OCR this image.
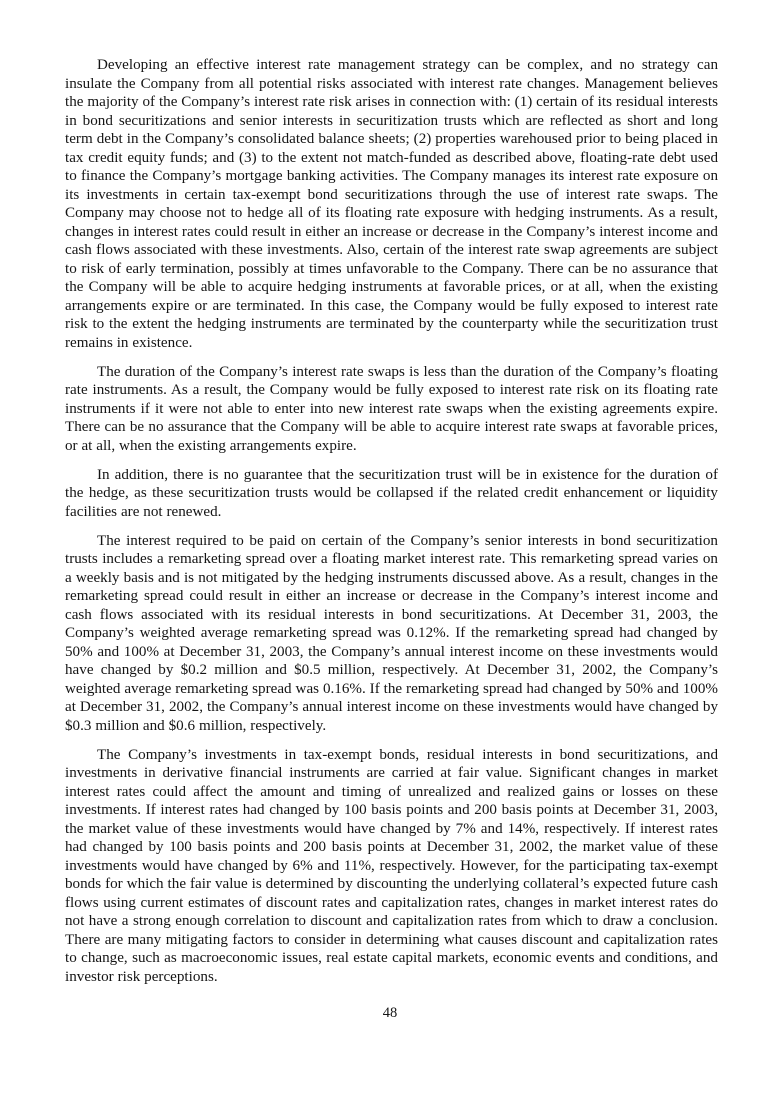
Developing an effective interest rate management strategy can be complex, and no strategy can insulate the Company from all potential risks associated with interest rate changes. Management believes the majority of the Company’s interest rate risk arises in connection with: (1) certain of its residual interests in bond securitizations and senior interests in securitization trusts which are reflected as short and long term debt in the Company’s consolidated balance sheets; (2) properties warehoused prior to being placed in tax credit equity funds; and (3) to the extent not match-funded as described above, floating-rate debt used to finance the Company’s mortgage banking activities. The Company manages its interest rate exposure on its investments in certain tax-exempt bond securitizations through the use of interest rate swaps. The Company may choose not to hedge all of its floating rate exposure with hedging instruments. As a result, changes in interest rates could result in either an increase or decrease in the Company’s interest income and cash flows associated with these investments. Also, certain of the interest rate swap agreements are subject to risk of early termination, possibly at times unfavorable to the Company. There can be no assurance that the Company will be able to acquire hedging instruments at favorable prices, or at all, when the existing arrangements expire or are terminated. In this case, the Company would be fully exposed to interest rate risk to the extent the hedging instruments are terminated by the counterparty while the securitization trust remains in existence.

The duration of the Company’s interest rate swaps is less than the duration of the Company’s floating rate instruments. As a result, the Company would be fully exposed to interest rate risk on its floating rate instruments if it were not able to enter into new interest rate swaps when the existing agreements expire. There can be no assurance that the Company will be able to acquire interest rate swaps at favorable prices, or at all, when the existing arrangements expire.

In addition, there is no guarantee that the securitization trust will be in existence for the duration of the hedge, as these securitization trusts would be collapsed if the related credit enhancement or liquidity facilities are not renewed.

The interest required to be paid on certain of the Company’s senior interests in bond securitization trusts includes a remarketing spread over a floating market interest rate. This remarketing spread varies on a weekly basis and is not mitigated by the hedging instruments discussed above. As a result, changes in the remarketing spread could result in either an increase or decrease in the Company’s interest income and cash flows associated with its residual interests in bond securitizations. At December 31, 2003, the Company’s weighted average remarketing spread was 0.12%. If the remarketing spread had changed by 50% and 100% at December 31, 2003, the Company’s annual interest income on these investments would have changed by $0.2 million and $0.5 million, respectively. At December 31, 2002, the Company’s weighted average remarketing spread was 0.16%. If the remarketing spread had changed by 50% and 100% at December 31, 2002, the Company’s annual interest income on these investments would have changed by $0.3 million and $0.6 million, respectively.

The Company’s investments in tax-exempt bonds, residual interests in bond securitizations, and investments in derivative financial instruments are carried at fair value. Significant changes in market interest rates could affect the amount and timing of unrealized and realized gains or losses on these investments. If interest rates had changed by 100 basis points and 200 basis points at December 31, 2003, the market value of these investments would have changed by 7% and 14%, respectively. If interest rates had changed by 100 basis points and 200 basis points at December 31, 2002, the market value of these investments would have changed by 6% and 11%, respectively. However, for the participating tax-exempt bonds for which the fair value is determined by discounting the underlying collateral’s expected future cash flows using current estimates of discount rates and capitalization rates, changes in market interest rates do not have a strong enough correlation to discount and capitalization rates from which to draw a conclusion. There are many mitigating factors to consider in determining what causes discount and capitalization rates to change, such as macroeconomic issues, real estate capital markets, economic events and conditions, and investor risk perceptions.

48
